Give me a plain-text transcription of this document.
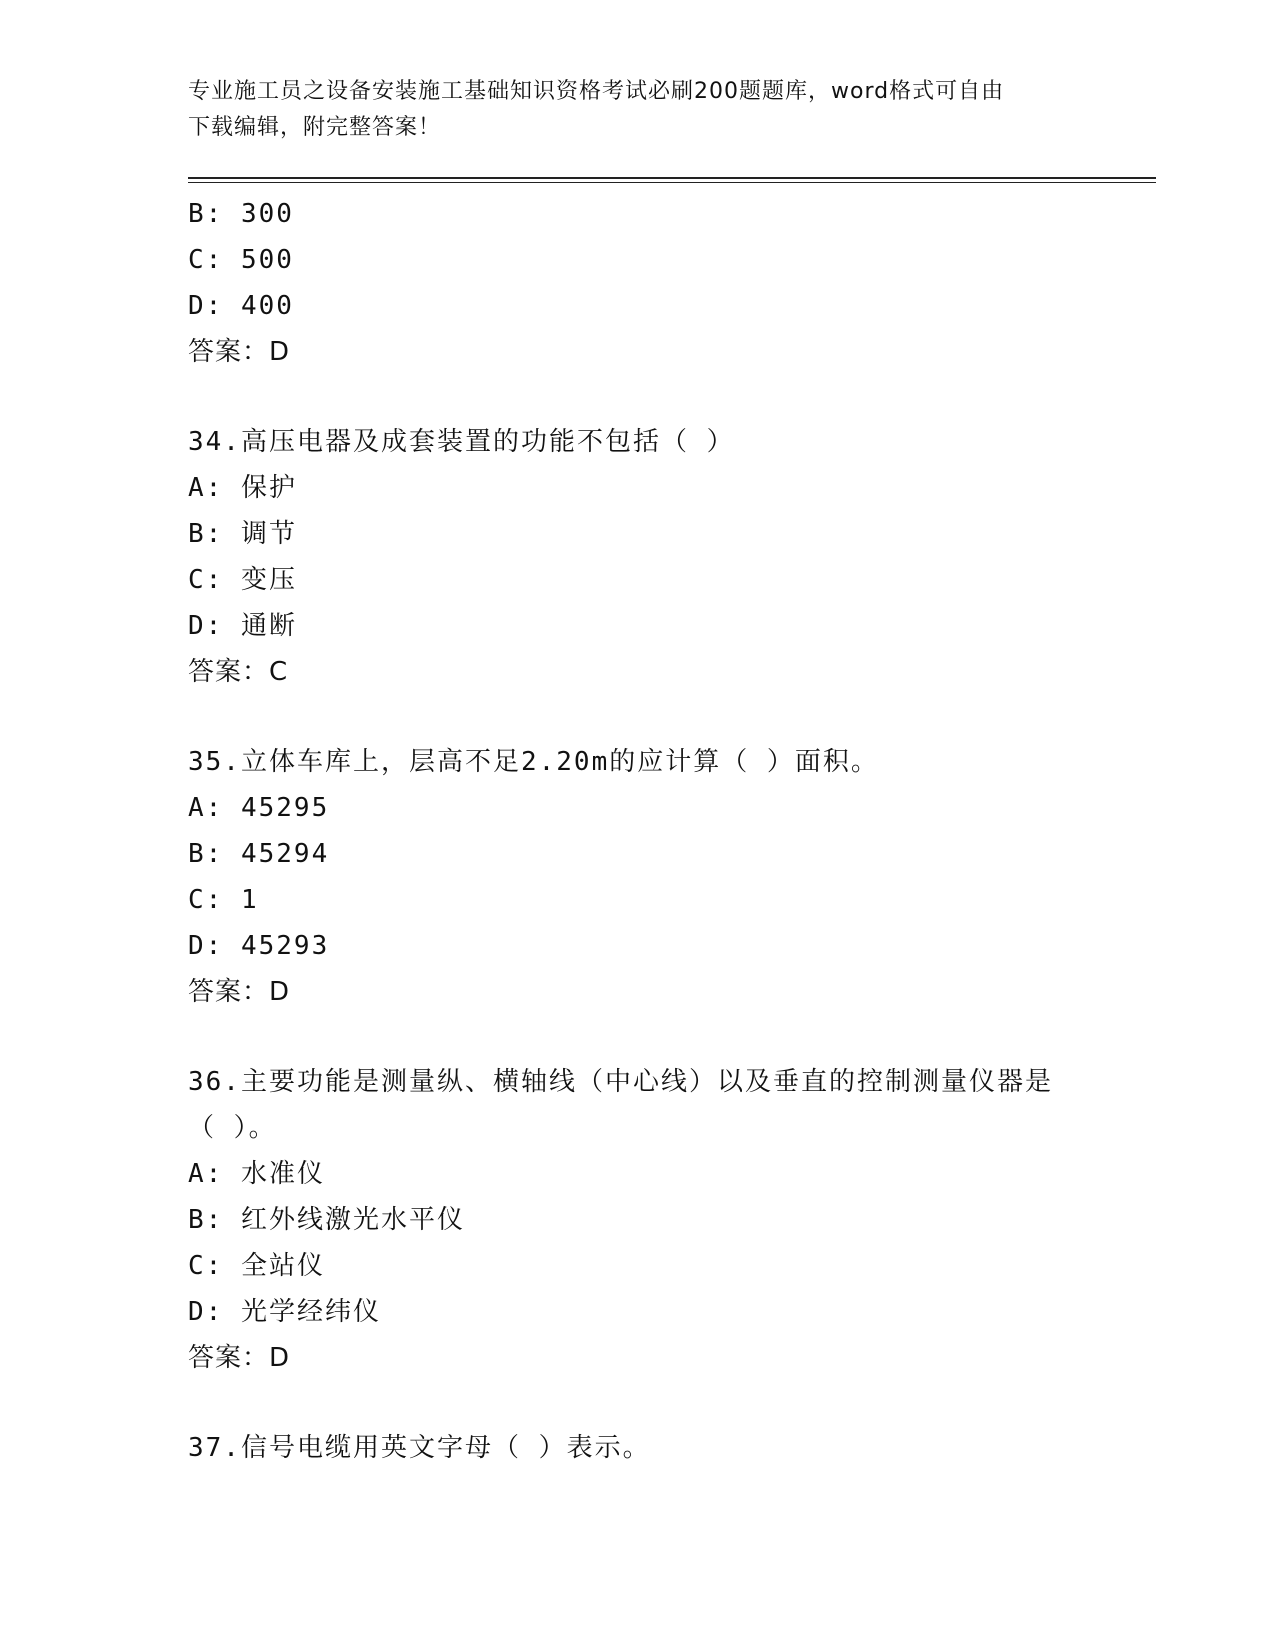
专业施工员之设备安装施工基础知识资格考试必刷200题题库，word格式可自由
下载编辑，附完整答案！
B: 300
C: 500
D: 400
答案：D
34.高压电器及成套装置的功能不包括（ ）
A: 保护
B: 调节
C: 变压
D: 通断
答案：C
35.立体车库上，层高不足2.20m的应计算（ ）面积。
A: 45295
B: 45294
C: 1
D: 45293
答案：D
36.主要功能是测量纵、横轴线（中心线）以及垂直的控制测量仪器是
（ ）。
A: 水准仪
B: 红外线激光水平仪
C: 全站仪
D: 光学经纬仪
答案：D
37.信号电缆用英文字母（ ）表示。
